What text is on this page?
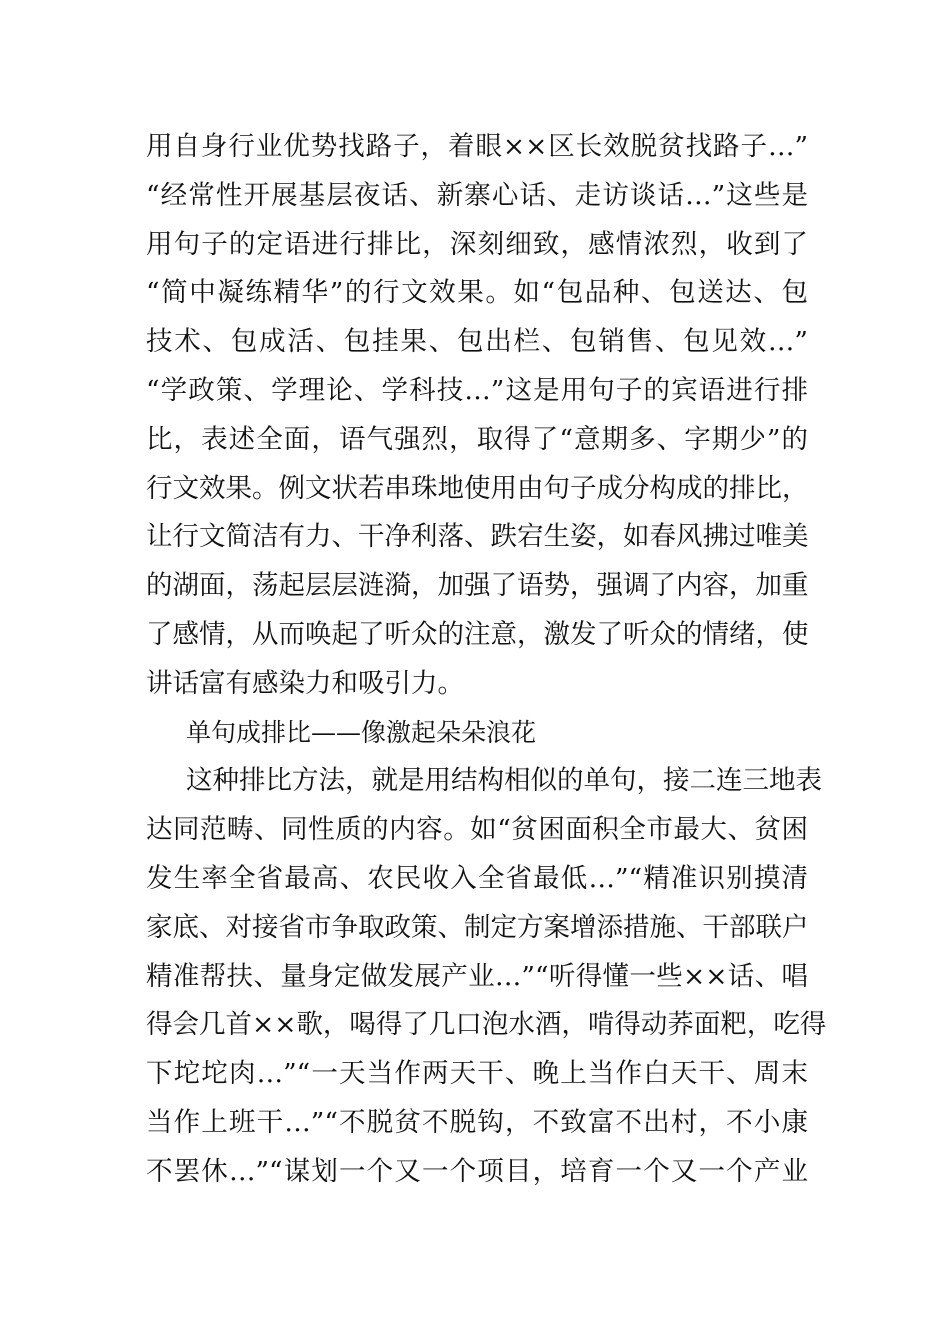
用自身行业优势找路子，着眼××区长效脱贫找路子…”
“经常性开展基层夜话、新寨心话、走访谈话…”这些是
用句子的定语进行排比，深刻细致，感情浓烈，收到了
“简中凝练精华”的行文效果。如“包品种、包送达、包
技术、包成活、包挂果、包出栏、包销售、包见效…”
“学政策、学理论、学科技…”这是用句子的宾语进行排
比，表述全面，语气强烈，取得了“意期多、字期少”的
行文效果。例文状若串珠地使用由句子成分构成的排比，
让行文简洁有力、干净利落、跌宕生姿，如春风拂过唯美
的湖面，荡起层层涟漪，加强了语势，强调了内容，加重
了感情，从而唤起了听众的注意，激发了听众的情绪，使
讲话富有感染力和吸引力。
单句成排比——像激起朵朵浪花
这种排比方法，就是用结构相似的单句，接二连三地表
达同范畴、同性质的内容。如“贫困面积全市最大、贫困
发生率全省最高、农民收入全省最低…”“精准识别摸清
家底、对接省市争取政策、制定方案增添措施、干部联户
精准帮扶、量身定做发展产业…”“听得懂一些××话、唱
得会几首××歌，喝得了几口泡水酒，啃得动荞面粑，吃得
下坨坨肉…”“一天当作两天干、晚上当作白天干、周末
当作上班干…”“不脱贫不脱钩，不致富不出村，不小康
不罢休…”“谋划一个又一个项目，培育一个又一个产业
